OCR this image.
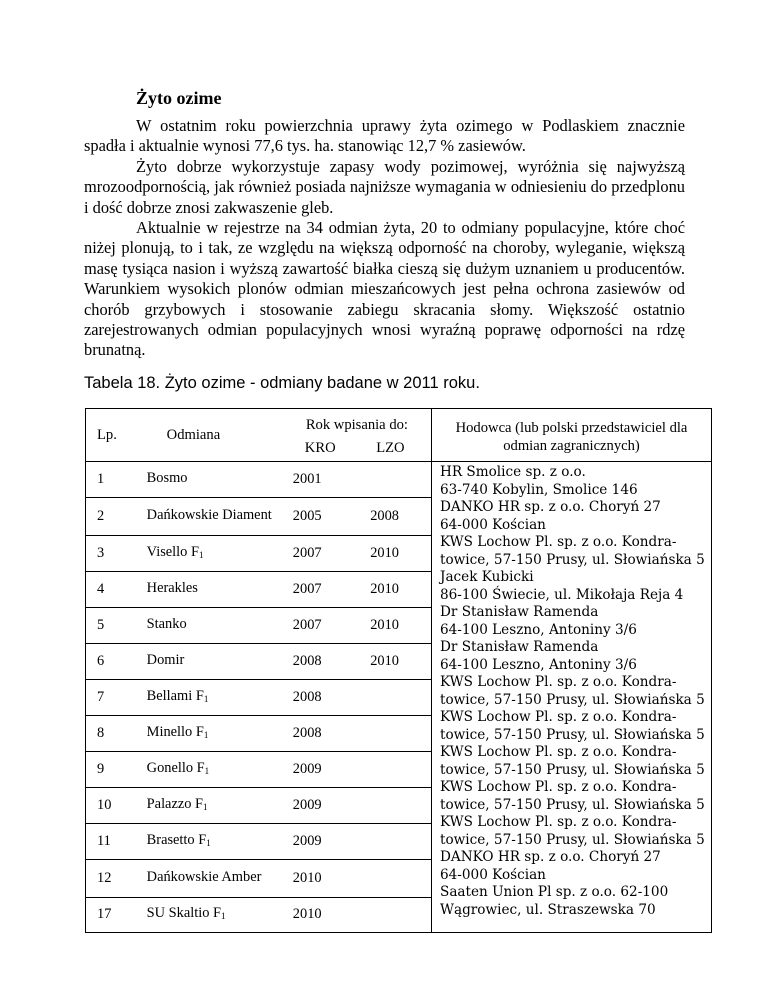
Żyto ozime

W ostatnim roku powierzchnia uprawy żyta ozimego w Podlaskiem znacznie spadła i aktualnie wynosi 77,6 tys. ha. stanowiąc 12,7 % zasiewów.

Żyto dobrze wykorzystuje zapasy wody pozimowej, wyróżnia się najwyższą mrozoodpornością, jak również posiada najniższe wymagania w odniesieniu do przedplonu i dość dobrze znosi zakwaszenie gleb.

Aktualnie w rejestrze na 34 odmian żyta, 20 to odmiany populacyjne, które choć niżej plonują, to i tak, ze względu na większą odporność na choroby, wyleganie, większą masę tysiąca nasion i wyższą zawartość białka cieszą się dużym uznaniem u producentów. Warunkiem wysokich plonów odmian mieszańcowych jest pełna ochrona zasiewów od chorób grzybowych i stosowanie zabiegu skracania słomy. Większość ostatnio zarejestrowanych odmian populacyjnych wnosi wyraźną poprawę odporności na rdzę brunatną.

Tabela 18. Żyto ozime - odmiany badane w 2011 roku.
Lp.	Odmiana	Rok wpisania do:
KRO	LZO
1	Bosmo	2001	
2	Dańkowskie Diament	2005	2008
3	Visello $F_1$	2007	2010
4	Herakles	2007	2010
5	Stanko	2007	2010
6	Domir	2008	2010
7	Bellami $F_1$	2008	
8	Minello $F_1$	2008	
9	Gonello $F_1$	2009	
10	Palazzo $F_1$	2009	
11	Brasetto $F_1$	2009	
12	Dańkowskie Amber	2010	
17	SU Skaltio $F_1$	2010	

Hodowca (lub polski przedstawiciel dla odmian zagranicznych)
HR Smolice sp. z o.o.
63-740 Kobylin, Smolice 146
DANKO HR sp. z o.o. Choryń 27
64-000 Kościan
KWS Lochow Pl. sp. z o.o. Kondra-
towice, 57-150 Prusy, ul. Słowiańska 5
Jacek Kubicki
86-100 Świecie, ul. Mikołaja Reja 4
Dr Stanisław Ramenda
64-100 Leszno, Antoniny 3/6
Dr Stanisław Ramenda
64-100 Leszno, Antoniny 3/6
KWS Lochow Pl. sp. z o.o. Kondra-
towice, 57-150 Prusy, ul. Słowiańska 5
KWS Lochow Pl. sp. z o.o. Kondra-
towice, 57-150 Prusy, ul. Słowiańska 5
KWS Lochow Pl. sp. z o.o. Kondra-
towice, 57-150 Prusy, ul. Słowiańska 5
KWS Lochow Pl. sp. z o.o. Kondra-
towice, 57-150 Prusy, ul. Słowiańska 5
KWS Lochow Pl. sp. z o.o. Kondra-
towice, 57-150 Prusy, ul. Słowiańska 5
DANKO HR sp. z o.o. Choryń 27
64-000 Kościan
Saaten Union Pl sp. z o.o. 62-100
Wągrowiec, ul. Straszewska 70
